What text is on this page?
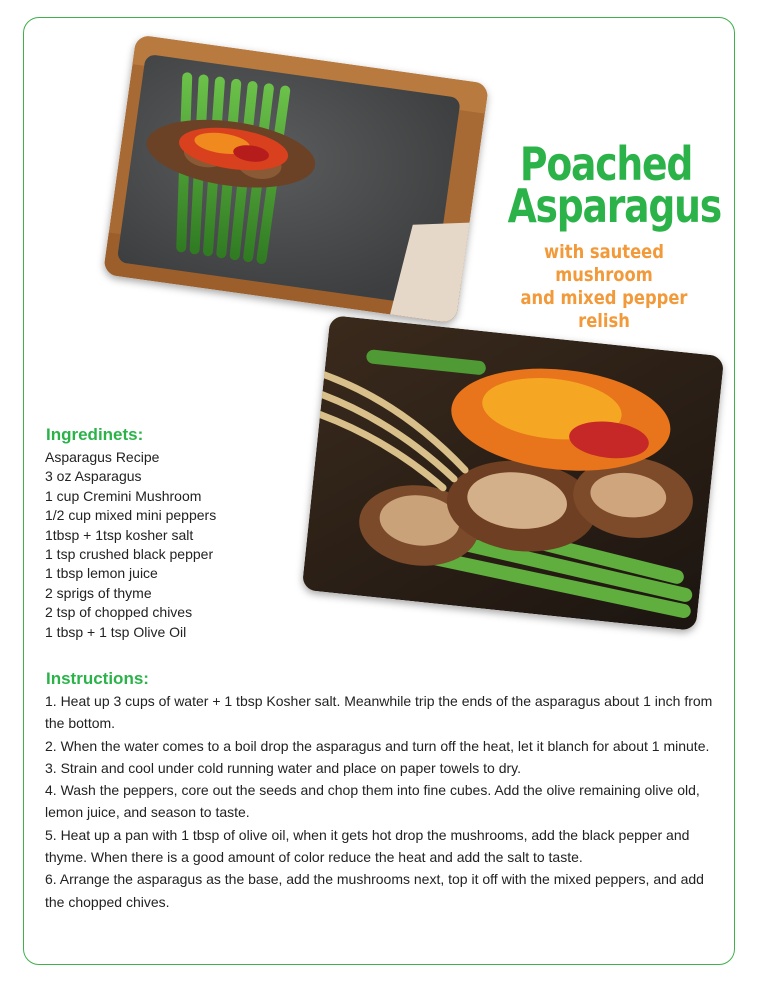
Poached
Asparagus
with sauteed mushroom
and mixed pepper relish
Ingredinets:
Asparagus Recipe
3 oz Asparagus
1 cup Cremini Mushroom
1/2 cup mixed mini peppers
1tbsp + 1tsp kosher salt
1 tsp crushed black pepper
1 tbsp lemon juice
2 sprigs of thyme
2 tsp of chopped chives
1 tbsp + 1 tsp Olive Oil
Instructions:
1. Heat up 3 cups of water + 1 tbsp Kosher salt. Meanwhile trip the ends of the asparagus about 1 inch from the bottom.
2. When the water comes to a boil drop the asparagus and turn off the heat, let it blanch for about 1 minute.
3. Strain and cool under cold running water and place on paper towels to dry.
4. Wash the peppers, core out the seeds and chop them into fine cubes. Add the olive remaining olive old, lemon juice, and season to taste.
5. Heat up a pan with 1 tbsp of olive oil, when it gets hot drop the mushrooms, add the black pepper and thyme. When there is a good amount of color reduce the heat and add the salt to taste.
6. Arrange the asparagus as the base, add the mushrooms next, top it off with the mixed peppers, and add the chopped chives.
